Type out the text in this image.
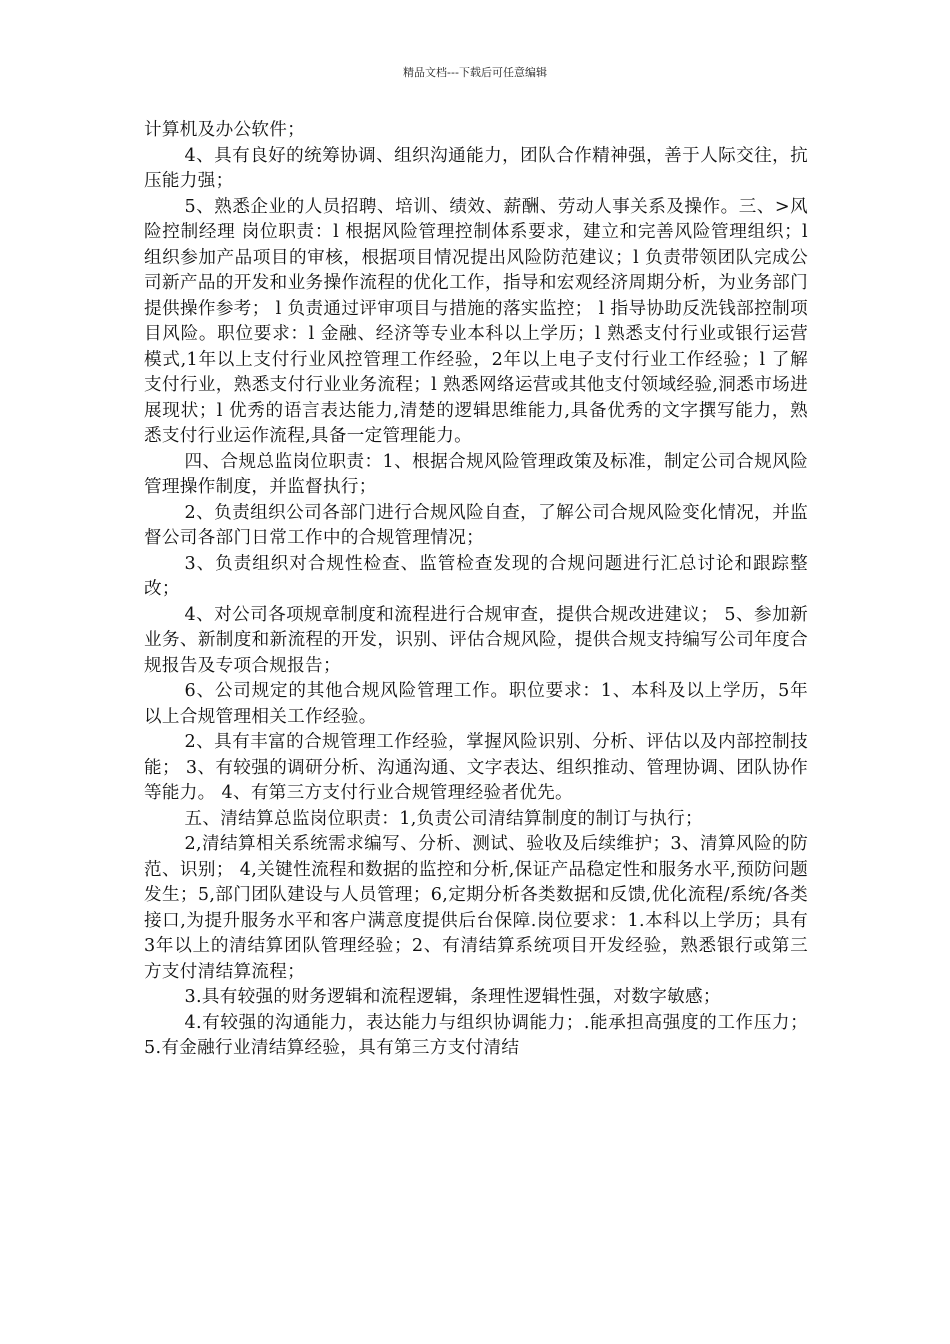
精品文档---下载后可任意编辑

计算机及办公软件；

4、具有良好的统筹协调、组织沟通能力，团队合作精神强，善于人际交往，抗压能力强；

5、熟悉企业的人员招聘、培训、绩效、薪酬、劳动人事关系及操作。三、>风险控制经理 岗位职责：l 根据风险管理控制体系要求，建立和完善风险管理组织；l 组织参加产品项目的审核，根据项目情况提出风险防范建议；l 负责带领团队完成公司新产品的开发和业务操作流程的优化工作，指导和宏观经济周期分析，为业务部门提供操作参考； l 负责通过评审项目与措施的落实监控； l 指导协助反洗钱部控制项目风险。职位要求：l 金融、经济等专业本科以上学历；l 熟悉支付行业或银行运营模式,1年以上支付行业风控管理工作经验，2年以上电子支付行业工作经验；l 了解支付行业，熟悉支付行业业务流程；l 熟悉网络运营或其他支付领域经验,洞悉市场进展现状；l 优秀的语言表达能力,清楚的逻辑思维能力,具备优秀的文字撰写能力，熟悉支付行业运作流程,具备一定管理能力。

四、合规总监岗位职责：1、根据合规风险管理政策及标准，制定公司合规风险管理操作制度，并监督执行；

2、负责组织公司各部门进行合规风险自查，了解公司合规风险变化情况，并监督公司各部门日常工作中的合规管理情况；

3、负责组织对合规性检查、监管检查发现的合规问题进行汇总讨论和跟踪整改；

4、对公司各项规章制度和流程进行合规审查，提供合规改进建议； 5、参加新业务、新制度和新流程的开发，识别、评估合规风险，提供合规支持编写公司年度合规报告及专项合规报告；

6、公司规定的其他合规风险管理工作。职位要求：1、本科及以上学历，5年以上合规管理相关工作经验。

2、具有丰富的合规管理工作经验，掌握风险识别、分析、评估以及内部控制技能； 3、有较强的调研分析、沟通沟通、文字表达、组织推动、管理协调、团队协作等能力。 4、有第三方支付行业合规管理经验者优先。

五、清结算总监岗位职责：1,负责公司清结算制度的制订与执行；

2,清结算相关系统需求编写、分析、测试、验收及后续维护；3、清算风险的防范、识别； 4,关键性流程和数据的监控和分析,保证产品稳定性和服务水平,预防问题发生；5,部门团队建设与人员管理；6,定期分析各类数据和反馈,优化流程/系统/各类接口,为提升服务水平和客户满意度提供后台保障.岗位要求：1.本科以上学历；具有3年以上的清结算团队管理经验；2、有清结算系统项目开发经验，熟悉银行或第三方支付清结算流程；

3.具有较强的财务逻辑和流程逻辑，条理性逻辑性强，对数字敏感；

4.有较强的沟通能力，表达能力与组织协调能力；.能承担高强度的工作压力； 5.有金融行业清结算经验，具有第三方支付清结
